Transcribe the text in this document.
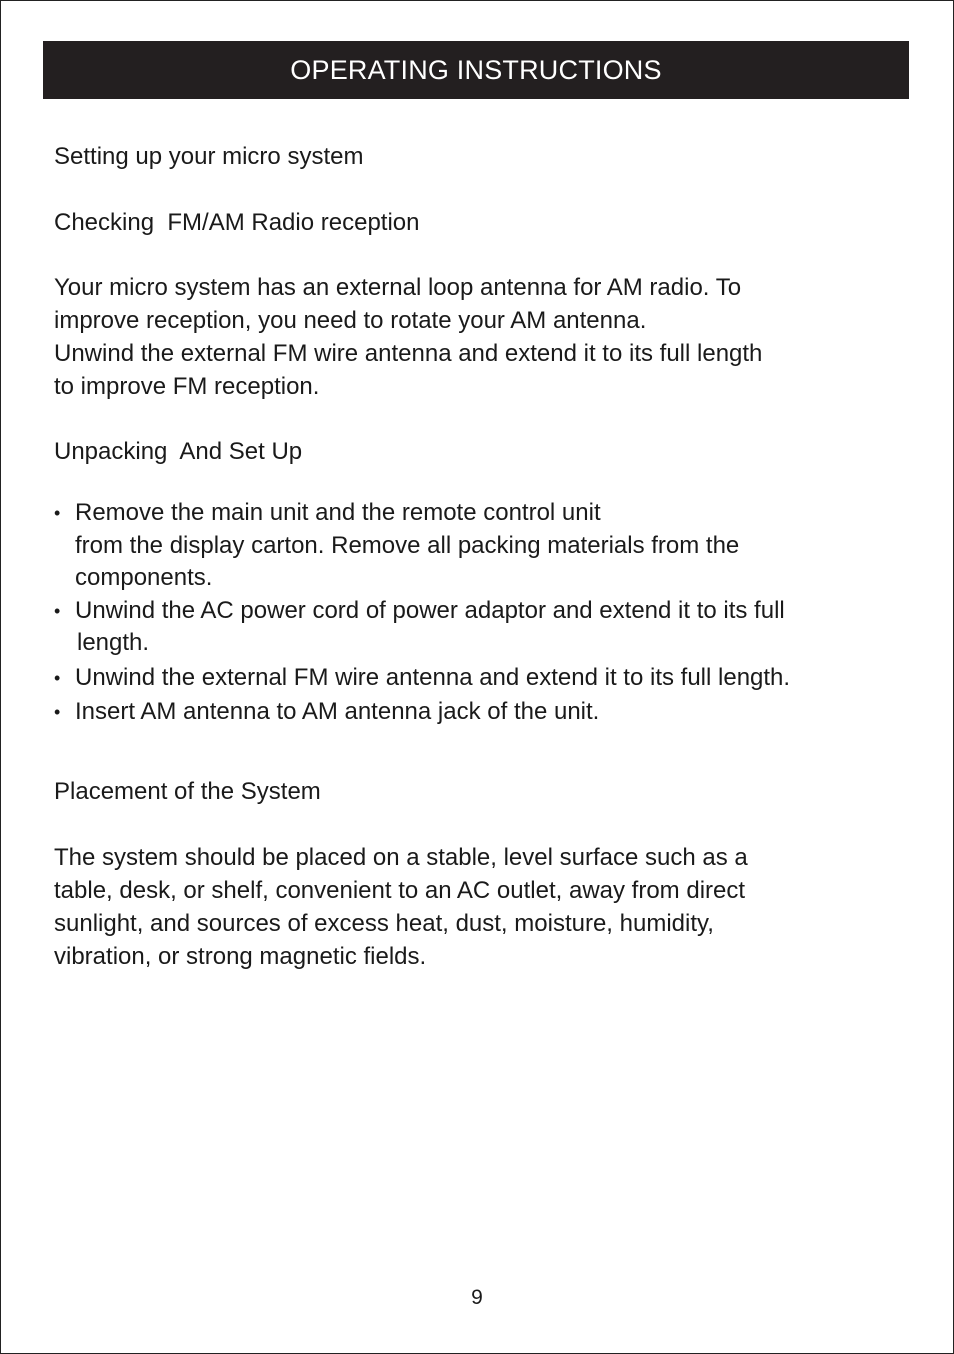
OPERATING INSTRUCTIONS
Setting up your micro system
Checking  FM/AM Radio reception
Your micro system has an external loop antenna for AM radio. To
improve reception, you need to rotate your AM antenna.
Unwind the external FM wire antenna and extend it to its full length
to improve FM reception.
Unpacking  And Set Up
• Remove the main unit and the remote control unit
from the display carton. Remove all packing materials from the
components.
• Unwind the AC power cord of power adaptor and extend it to its full
length.
• Unwind the external FM wire antenna and extend it to its full length.
• Insert AM antenna to AM antenna jack of the unit.
Placement of the System
The system should be placed on a stable, level surface such as a
table, desk, or shelf, convenient to an AC outlet, away from direct
sunlight, and sources of excess heat, dust, moisture, humidity,
vibration, or strong magnetic fields.
9
